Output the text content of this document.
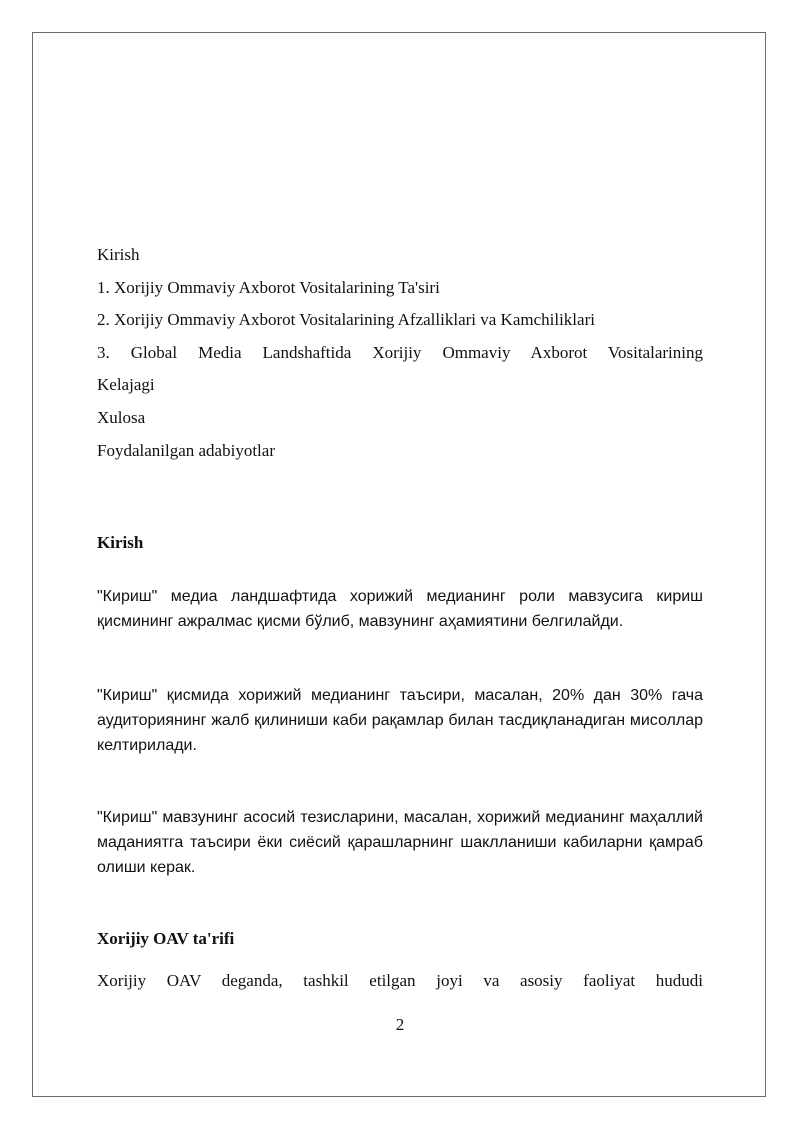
Kirish

1. Xorijiy Ommaviy Axborot Vositalarining Ta'siri

2. Xorijiy Ommaviy Axborot Vositalarining Afzalliklari va Kamchiliklari

3. Global Media Landshaftida Xorijiy Ommaviy Axborot Vositalarining

Kelajagi

Xulosa

Foydalanilgan adabiyotlar

Kirish

"Кириш" медиа ландшафтида хорижий медианинг роли мавзусига кириш қисмининг ажралмас қисми бўлиб, мавзунинг аҳамиятини белгилайди.

"Кириш" қисмида хорижий медианинг таъсири, масалан, 20% дан 30% гача аудиториянинг жалб қилиниши каби рақамлар билан тасдиқланадиган мисоллар келтирилади.

"Кириш" мавзунинг асосий тезисларини, масалан, хорижий медианинг маҳаллий маданиятга таъсири ёки сиёсий қарашларнинг шаклланиши кабиларни қамраб олиши керак.

Xorijiy OAV ta'rifi

Xorijiy OAV deganda, tashkil etilgan joyi va asosiy faoliyat hududi

2
